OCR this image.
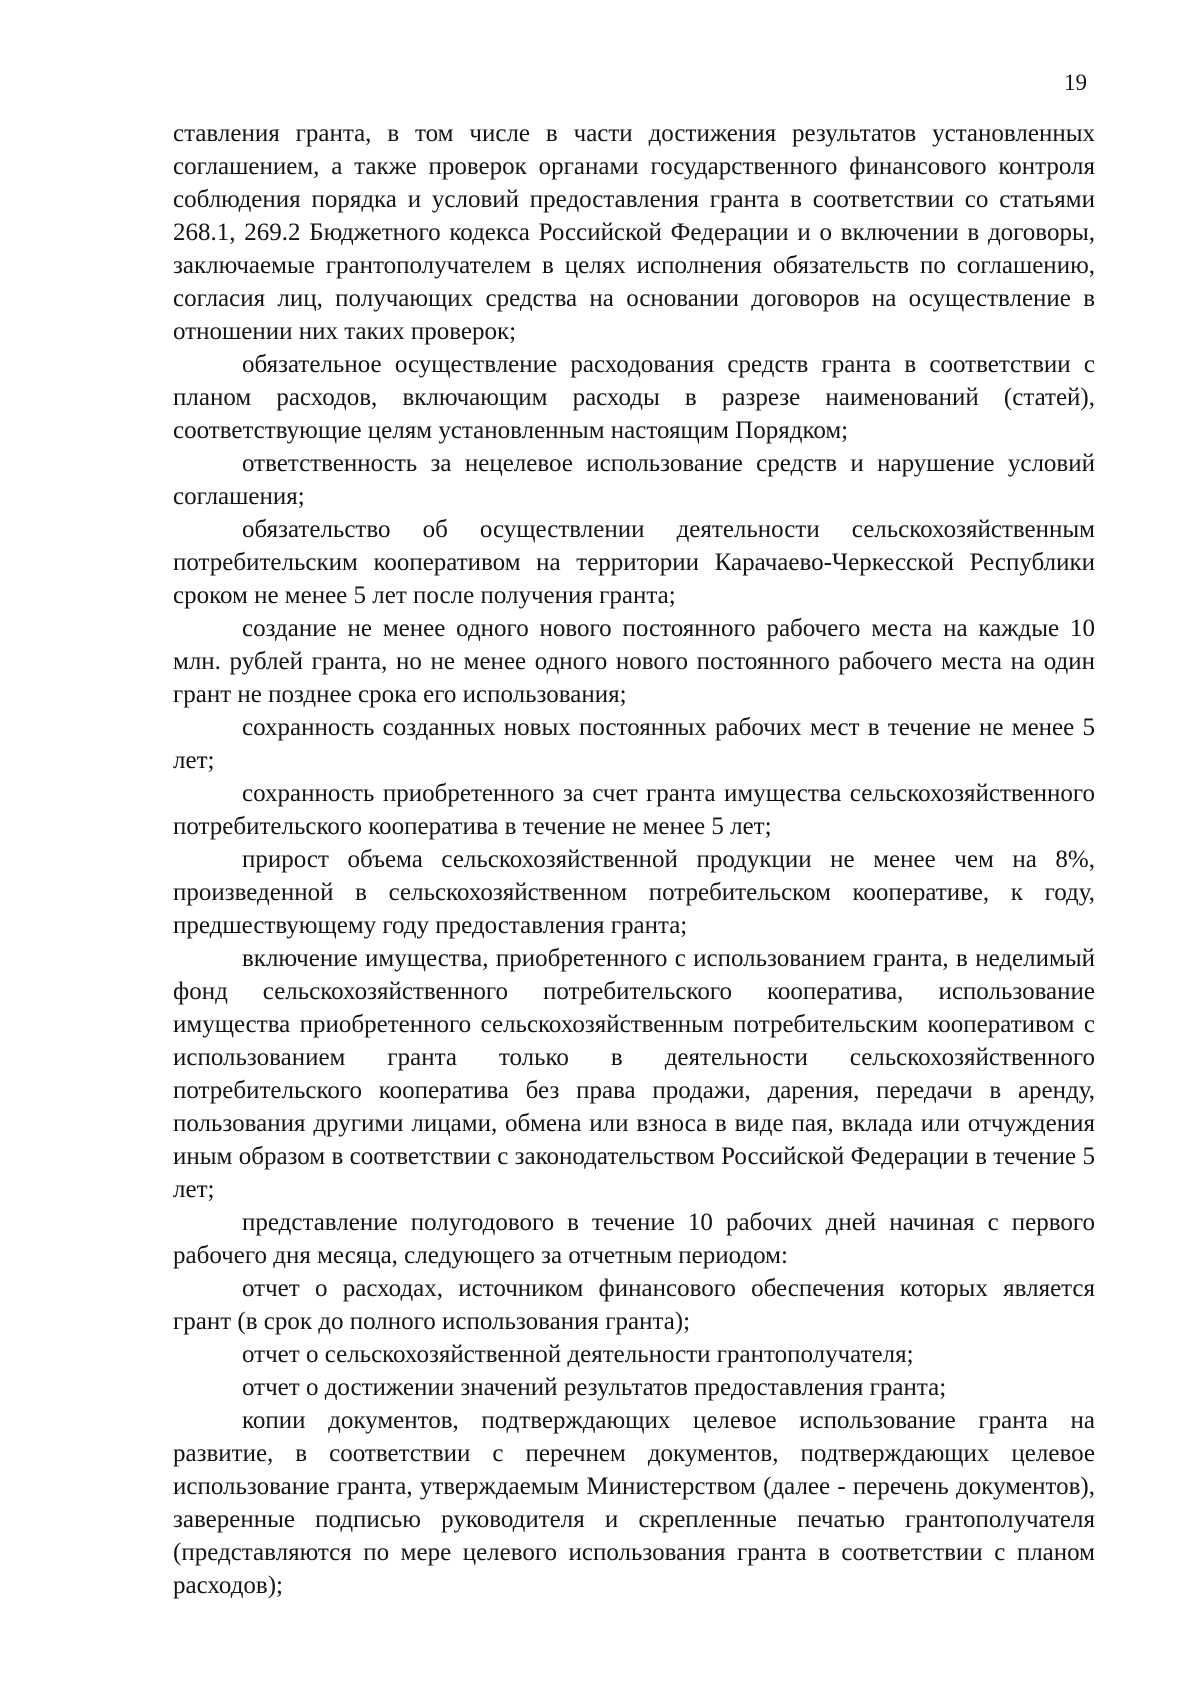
19

ставления гранта, в том числе в части достижения результатов установленных соглашением, а также проверок органами государственного финансового контроля соблюдения порядка и условий предоставления гранта в соответствии со статьями 268.1, 269.2 Бюджетного кодекса Российской Федерации и о включении в договоры, заключаемые грантополучателем в целях исполнения обязательств по соглашению, согласия лиц, получающих средства на основании договоров на осуществление в отношении них таких проверок;

обязательное осуществление расходования средств гранта в соответствии с планом расходов, включающим расходы в разрезе наименований (статей), соответствующие целям установленным настоящим Порядком;

ответственность за нецелевое использование средств и нарушение условий соглашения;

обязательство об осуществлении деятельности сельскохозяйственным потребительским кооперативом на территории Карачаево-Черкесской Республики сроком не менее 5 лет после получения гранта;

создание не менее одного нового постоянного рабочего места на каждые 10 млн. рублей гранта, но не менее одного нового постоянного рабочего места на один грант не позднее срока его использования;

сохранность созданных новых постоянных рабочих мест в течение не менее 5 лет;

сохранность приобретенного за счет гранта имущества сельскохозяйственного потребительского кооператива в течение не менее 5 лет;

прирост объема сельскохозяйственной продукции не менее чем на 8%, произведенной в сельскохозяйственном потребительском кооперативе, к году, предшествующему году предоставления гранта;

включение имущества, приобретенного с использованием гранта, в неделимый фонд сельскохозяйственного потребительского кооператива, использование имущества приобретенного сельскохозяйственным потребительским кооперативом с использованием гранта только в деятельности сельскохозяйственного потребительского кооператива без права продажи, дарения, передачи в аренду, пользования другими лицами, обмена или взноса в виде пая, вклада или отчуждения иным образом в соответствии с законодательством Российской Федерации в течение 5 лет;

представление полугодового в течение 10 рабочих дней начиная с первого рабочего дня месяца, следующего за отчетным периодом:

отчет о расходах, источником финансового обеспечения которых является грант (в срок до полного использования гранта);

отчет о сельскохозяйственной деятельности грантополучателя;

отчет о достижении значений результатов предоставления гранта;

копии документов, подтверждающих целевое использование гранта на развитие, в соответствии с перечнем документов, подтверждающих целевое использование гранта, утверждаемым Министерством (далее - перечень документов), заверенные подписью руководителя и скрепленные печатью грантополучателя (представляются по мере целевого использования гранта в соответствии с планом расходов);
